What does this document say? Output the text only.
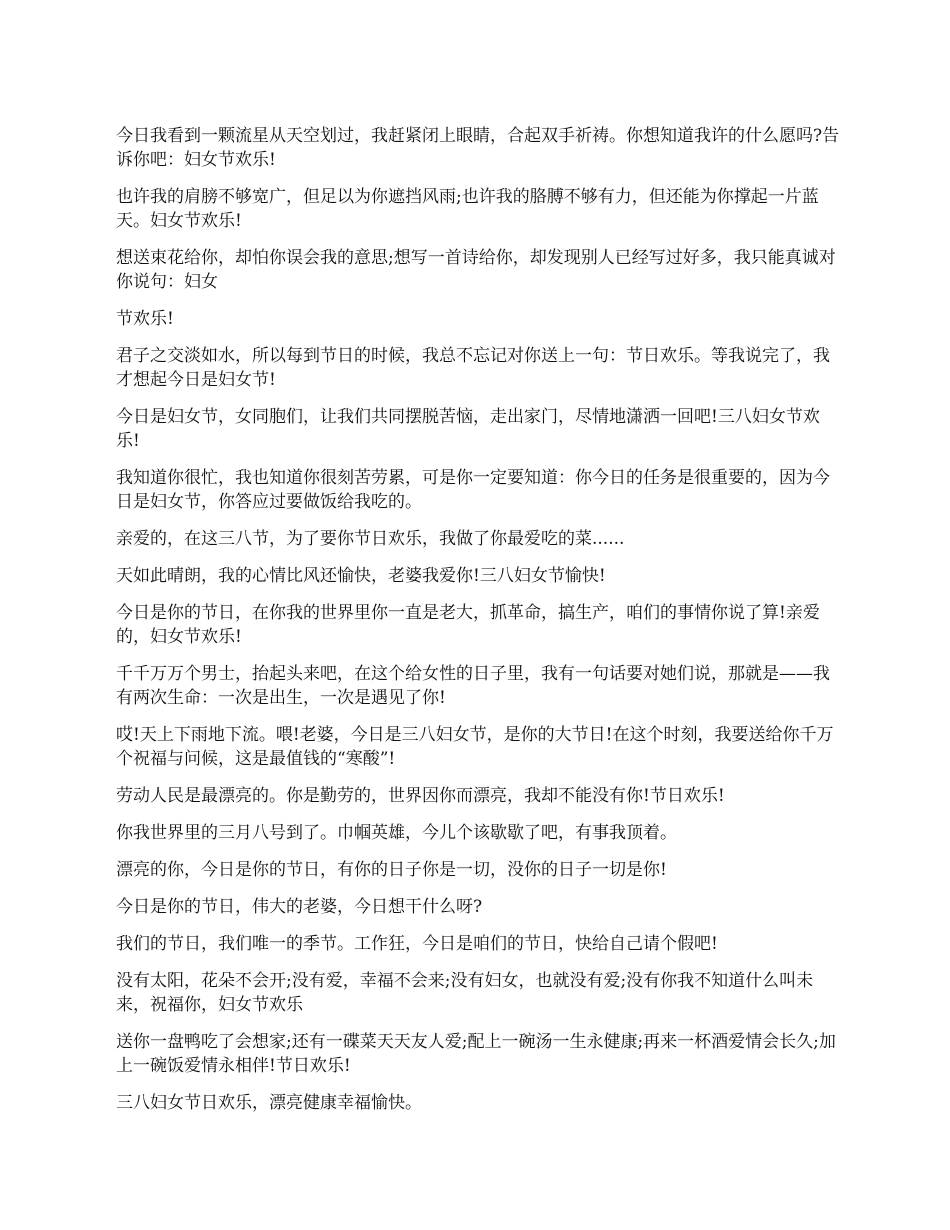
今日我看到一颗流星从天空划过，我赶紧闭上眼睛，合起双手祈祷。你想知道我许的什么愿吗?告诉你吧：妇女节欢乐!

也许我的肩膀不够宽广，但足以为你遮挡风雨;也许我的胳膊不够有力，但还能为你撑起一片蓝天。妇女节欢乐!

想送束花给你，却怕你误会我的意思;想写一首诗给你，却发现别人已经写过好多，我只能真诚对你说句：妇女

节欢乐!

君子之交淡如水，所以每到节日的时候，我总不忘记对你送上一句：节日欢乐。等我说完了，我才想起今日是妇女节!

今日是妇女节，女同胞们，让我们共同摆脱苦恼，走出家门，尽情地潇洒一回吧!三八妇女节欢乐!

我知道你很忙，我也知道你很刻苦劳累，可是你一定要知道：你今日的任务是很重要的，因为今日是妇女节，你答应过要做饭给我吃的。

亲爱的，在这三八节，为了要你节日欢乐，我做了你最爱吃的菜......

天如此晴朗，我的心情比风还愉快，老婆我爱你!三八妇女节愉快!

今日是你的节日，在你我的世界里你一直是老大，抓革命，搞生产，咱们的事情你说了算!亲爱的，妇女节欢乐!

千千万万个男士，抬起头来吧，在这个给女性的日子里，我有一句话要对她们说，那就是——我有两次生命：一次是出生，一次是遇见了你!

哎!天上下雨地下流。喂!老婆，今日是三八妇女节，是你的大节日!在这个时刻，我要送给你千万个祝福与问候，这是最值钱的“寒酸”!

劳动人民是最漂亮的。你是勤劳的，世界因你而漂亮，我却不能没有你!节日欢乐!

你我世界里的三月八号到了。巾帼英雄，今儿个该歇歇了吧，有事我顶着。

漂亮的你，今日是你的节日，有你的日子你是一切，没你的日子一切是你!

今日是你的节日，伟大的老婆，今日想干什么呀?

我们的节日，我们唯一的季节。工作狂，今日是咱们的节日，快给自己请个假吧!

没有太阳，花朵不会开;没有爱，幸福不会来;没有妇女，也就没有爱;没有你我不知道什么叫未来，祝福你，妇女节欢乐

送你一盘鸭吃了会想家;还有一碟菜天天友人爱;配上一碗汤一生永健康;再来一杯酒爱情会长久;加上一碗饭爱情永相伴!节日欢乐!

三八妇女节日欢乐，漂亮健康幸福愉快。
